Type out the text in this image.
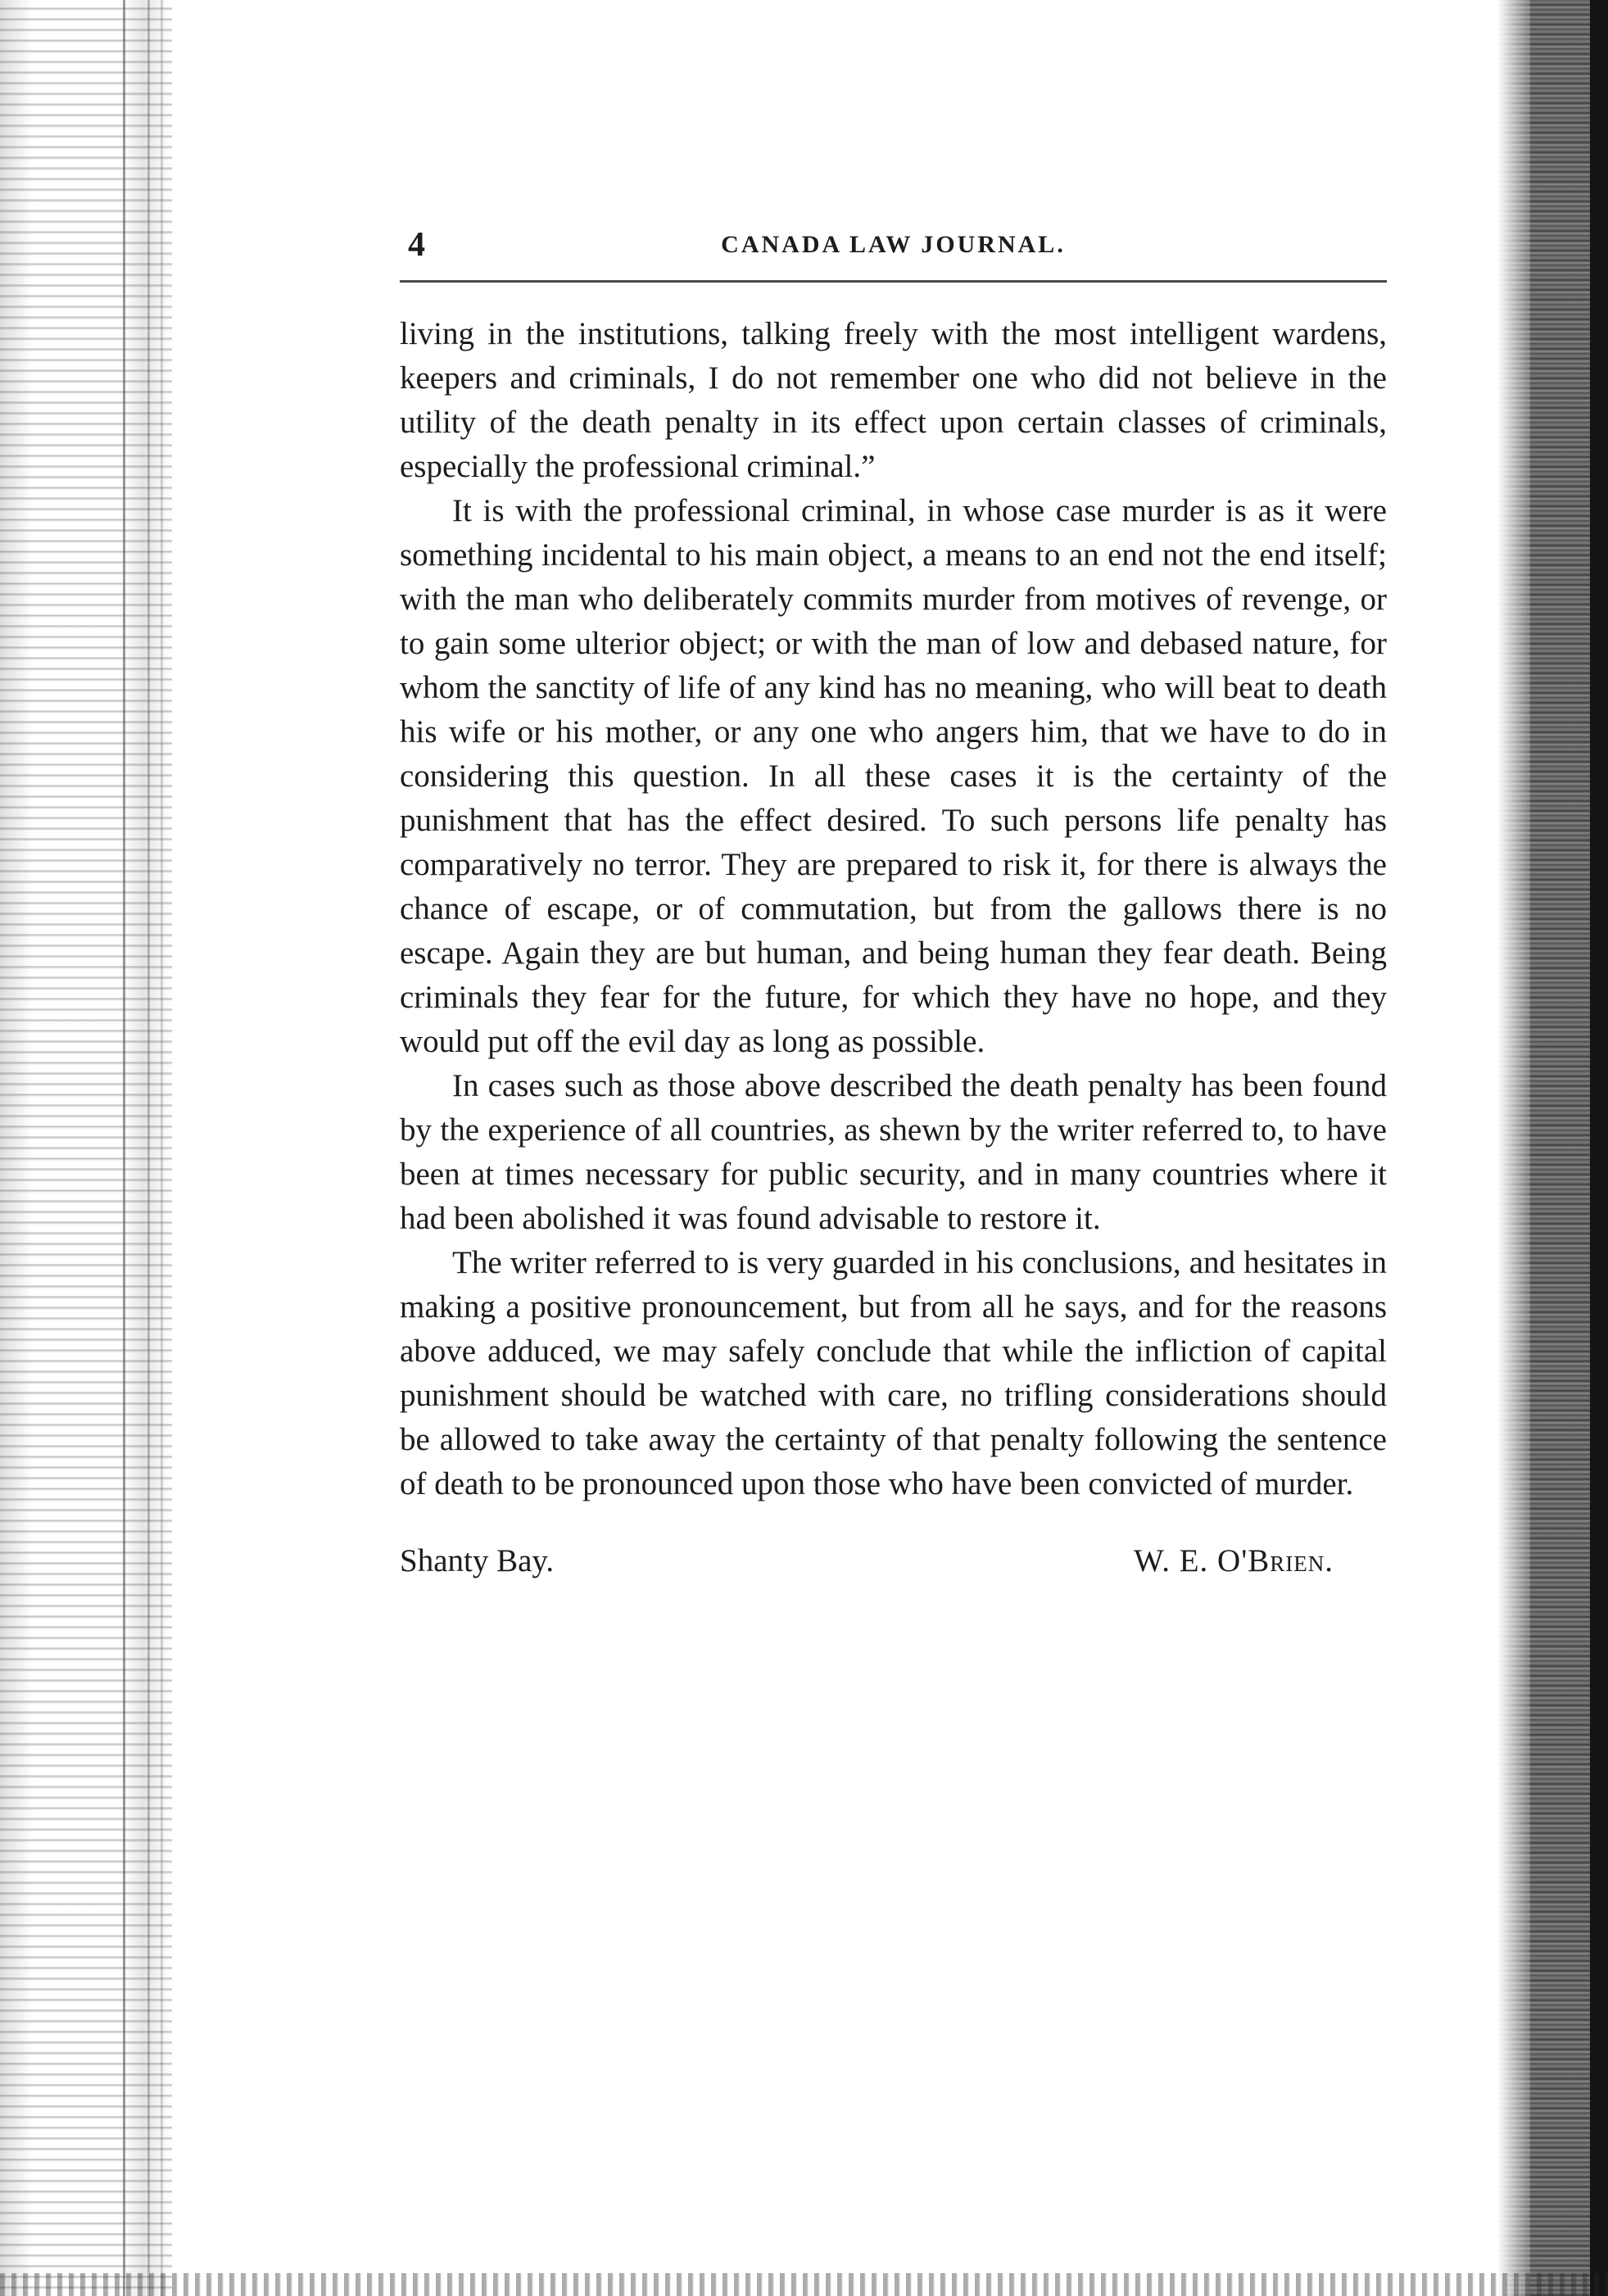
4	CANADA LAW JOURNAL.

living in the institutions, talking freely with the most intelligent wardens, keepers and criminals, I do not remember one who did not believe in the utility of the death penalty in its effect upon certain classes of criminals, especially the professional criminal.”

It is with the professional criminal, in whose case murder is as it were something incidental to his main object, a means to an end not the end itself; with the man who deliberately commits murder from motives of revenge, or to gain some ulterior object; or with the man of low and debased nature, for whom the sanctity of life of any kind has no meaning, who will beat to death his wife or his mother, or any one who angers him, that we have to do in considering this question. In all these cases it is the certainty of the punishment that has the effect desired. To such persons life penalty has comparatively no terror. They are prepared to risk it, for there is always the chance of escape, or of commutation, but from the gallows there is no escape. Again they are but human, and being human they fear death. Being criminals they fear for the future, for which they have no hope, and they would put off the evil day as long as possible.

In cases such as those above described the death penalty has been found by the experience of all countries, as shewn by the writer referred to, to have been at times necessary for public security, and in many countries where it had been abolished it was found advisable to restore it.

The writer referred to is very guarded in his conclusions, and hesitates in making a positive pronouncement, but from all he says, and for the reasons above adduced, we may safely conclude that while the infliction of capital punishment should be watched with care, no trifling considerations should be allowed to take away the certainty of that penalty following the sentence of death to be pronounced upon those who have been convicted of murder.

Shanty Bay.	W. E. O'Brien.
